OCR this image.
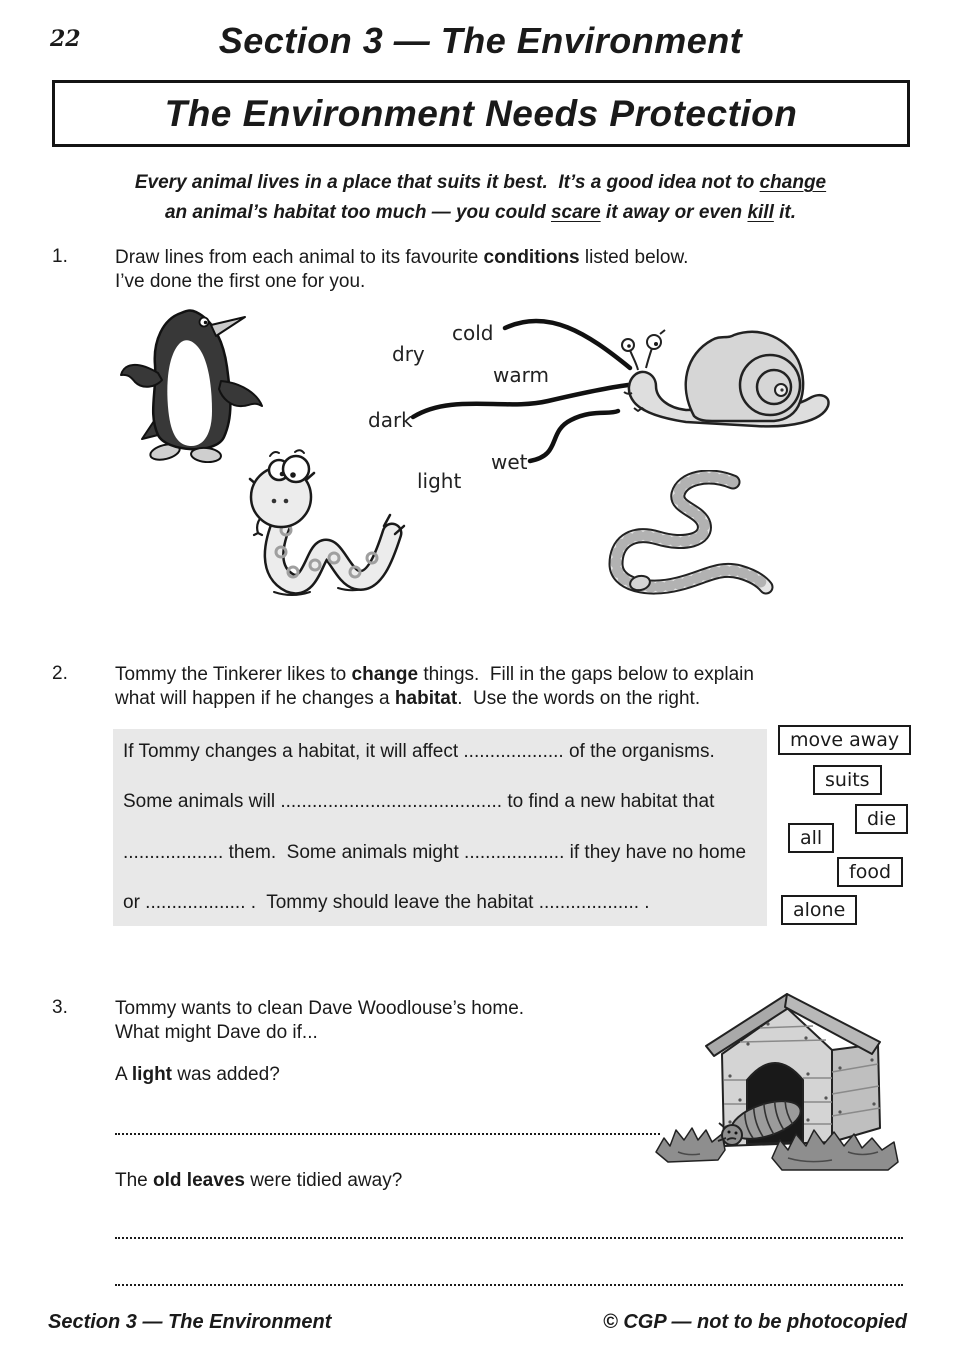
22	Section 3 — The Environment
The Environment Needs Protection
Every animal lives in a place that suits it best.  It’s a good idea not to change
an animal’s habitat too much — you could scare it away or even kill it.
1. Draw lines from each animal to its favourite conditions listed below.
I’ve done the first one for you.
cold
dry
warm
dark
wet
light
2. Tommy the Tinkerer likes to change things.  Fill in the gaps below to explain
what will happen if he changes a habitat.  Use the words on the right.
If Tommy changes a habitat, it will affect ................... of the organisms.
Some animals will .......................................... to find a new habitat that
................... them.  Some animals might ................... if they have no home
or ................... .  Tommy should leave the habitat ................... .
move away
suits
die
all
food
alone
3. Tommy wants to clean Dave Woodlouse’s home.
What might Dave do if...
A light was added?
The old leaves were tidied away?
Section 3 — The Environment	© CGP — not to be photocopied
